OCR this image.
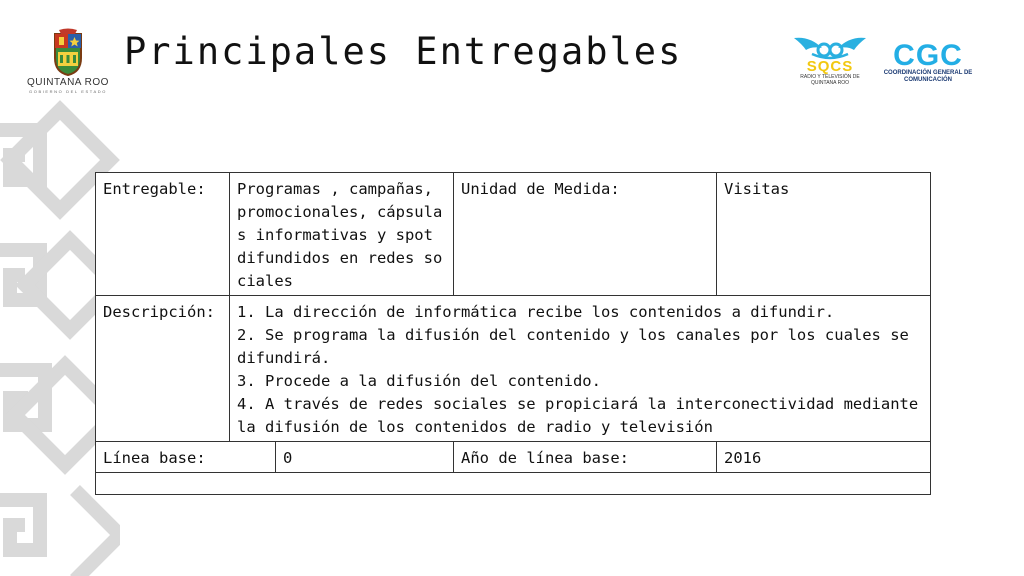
QUINTANA ROO
GOBIERNO DEL ESTADO
Principales Entregables	SQCS
RADIO Y TELEVISIÓN DE QUINTANA ROO
CGC
COORDINACIÓN GENERAL DE COMUNICACIÓN
Entregable:	Programas , campañas, promocionales, cápsulas informativas y spot difundidos en redes sociales		Unidad de Medida:	Visitas
Descripción:	1. La dirección de informática recibe los contenidos a difundir.
2. Se programa la difusión del contenido y los canales por los cuales se difundirá.
3. Procede a la difusión del contenido.
4. A través de redes sociales se propiciará la interconectividad mediante la difusión de los contenidos de radio y televisión			
Línea base:		0	Año de línea base:	2016
